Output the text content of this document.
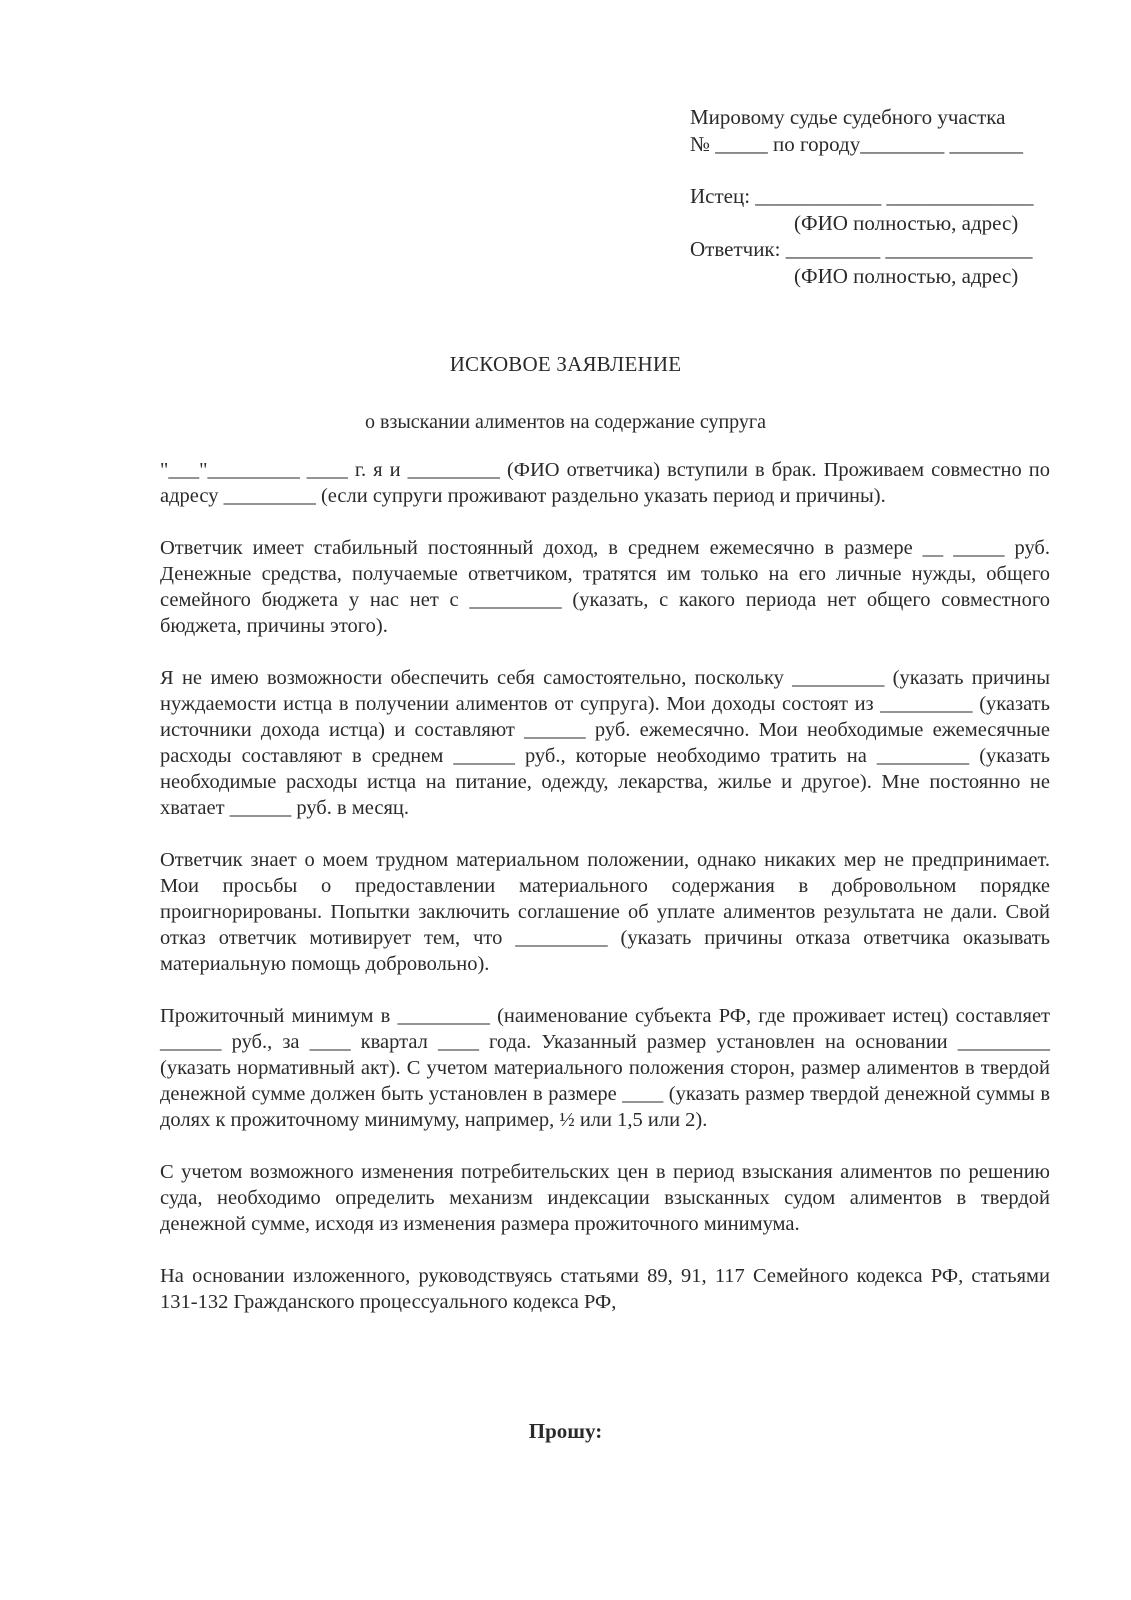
Мировому судье судебного участка
№ _____ по городу________ _______
Истец: ____________ ______________
(ФИО полностью, адрес)
Ответчик: _________ ______________
(ФИО полностью, адрес)
ИСКОВОЕ ЗАЯВЛЕНИЕ
о взыскании алиментов на содержание супруга

"___"_________ ____ г. я и _________ (ФИО ответчика) вступили в брак. Проживаем совместно по адресу _________ (если супруги проживают раздельно указать период и причины).

Ответчик имеет стабильный постоянный доход, в среднем ежемесячно в размере __ _____ руб. Денежные средства, получаемые ответчиком, тратятся им только на его личные нужды, общего семейного бюджета у нас нет с _________ (указать, с какого периода нет общего совместного бюджета, причины этого).

Я не имею возможности обеспечить себя самостоятельно, поскольку _________ (указать причины нуждаемости истца в получении алиментов от супруга). Мои доходы состоят из _________ (указать источники дохода истца) и составляют ______ руб. ежемесячно. Мои необходимые ежемесячные расходы составляют в среднем ______ руб., которые необходимо тратить на _________ (указать необходимые расходы истца на питание, одежду, лекарства, жилье и другое). Мне постоянно не хватает ______ руб. в месяц.

Ответчик знает о моем трудном материальном положении, однако никаких мер не предпринимает. Мои просьбы о предоставлении материального содержания в добровольном порядке проигнорированы. Попытки заключить соглашение об уплате алиментов результата не дали. Свой отказ ответчик мотивирует тем, что _________ (указать причины отказа ответчика оказывать материальную помощь добровольно).

Прожиточный минимум в _________ (наименование субъекта РФ, где проживает истец) составляет ______ руб., за ____ квартал ____ года. Указанный размер установлен на основании _________ (указать нормативный акт). С учетом материального положения сторон, размер алиментов в твердой денежной сумме должен быть установлен в размере ____ (указать размер твердой денежной суммы в долях к прожиточному минимуму, например, ½ или 1,5 или 2).

С учетом возможного изменения потребительских цен в период взыскания алиментов по решению суда, необходимо определить механизм индексации взысканных судом алиментов в твердой денежной сумме, исходя из изменения размера прожиточного минимума.

На основании изложенного, руководствуясь статьями 89, 91, 117 Семейного кодекса РФ, статьями 131-132 Гражданского процессуального кодекса РФ,

Прошу:
